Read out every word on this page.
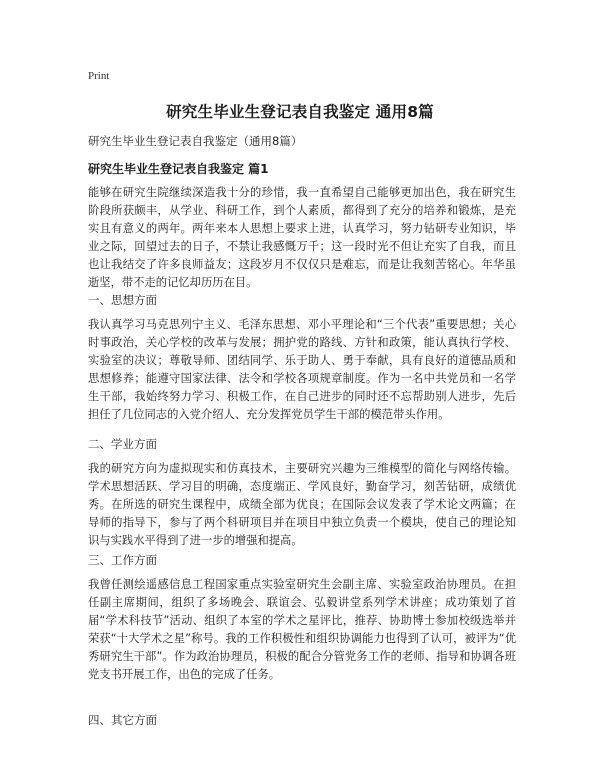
Print
研究生毕业生登记表自我鉴定 通用8篇
研究生毕业生登记表自我鉴定（通用8篇）
研究生毕业生登记表自我鉴定 篇1
能够在研究生院继续深造我十分的珍惜，我一直希望自己能够更加出色，我在研究生阶段所获颇丰，从学业、科研工作，到个人素质，都得到了充分的培养和锻炼，是充实且有意义的两年。两年来本人思想上要求上进，认真学习，努力钻研专业知识，毕业之际，回望过去的日子，不禁让我感慨万千；这一段时光不但让充实了自我，而且也让我结交了许多良师益友；这段岁月不仅仅只是难忘，而是让我刻苦铭心。年华虽逝坚，带不走的记忆却历历在目。
一、思想方面
我认真学习马克思列宁主义、毛泽东思想、邓小平理论和“三个代表”重要思想；关心时事政治，关心学校的改革与发展；拥护党的路线、方针和政策，能认真执行学校、实验室的决议；尊敬导师、团结同学、乐于助人、勇于奉献，具有良好的道德品质和思想修养；能遵守国家法律、法令和学校各项规章制度。作为一名中共党员和一名学生干部，我始终努力学习、积极工作，在自己进步的同时还不忘帮助别人进步，先后担任了几位同志的入党介绍人、充分发挥党员学生干部的模范带头作用。
二、学业方面
我的研究方向为虚拟现实和仿真技术，主要研究兴趣为三维模型的简化与网络传输。学术思想活跃、学习目的明确，态度端正、学风良好，勤奋学习，刻苦钻研，成绩优秀。在所选的研究生课程中，成绩全部为优良；在国际会议发表了学术论文两篇；在导师的指导下，参与了两个科研项目并在项目中独立负责一个模块，使自己的理论知识与实践水平得到了进一步的增强和提高。
三、工作方面
我曾任测绘遥感信息工程国家重点实验室研究生会副主席、实验室政治协理员。在担任副主席期间，组织了多场晚会、联谊会、弘毅讲堂系列学术讲座；成功策划了首届“学术科技节”活动、组织了本室的学术之星评比，推荐、协助博士参加校级选举并荣获“十大学术之星”称号。我的工作积极性和组织协调能力也得到了认可，被评为“优秀研究生干部”。作为政治协理员，积极的配合分管党务工作的老师、指导和协调各班党支书开展工作，出色的完成了任务。
四、其它方面
